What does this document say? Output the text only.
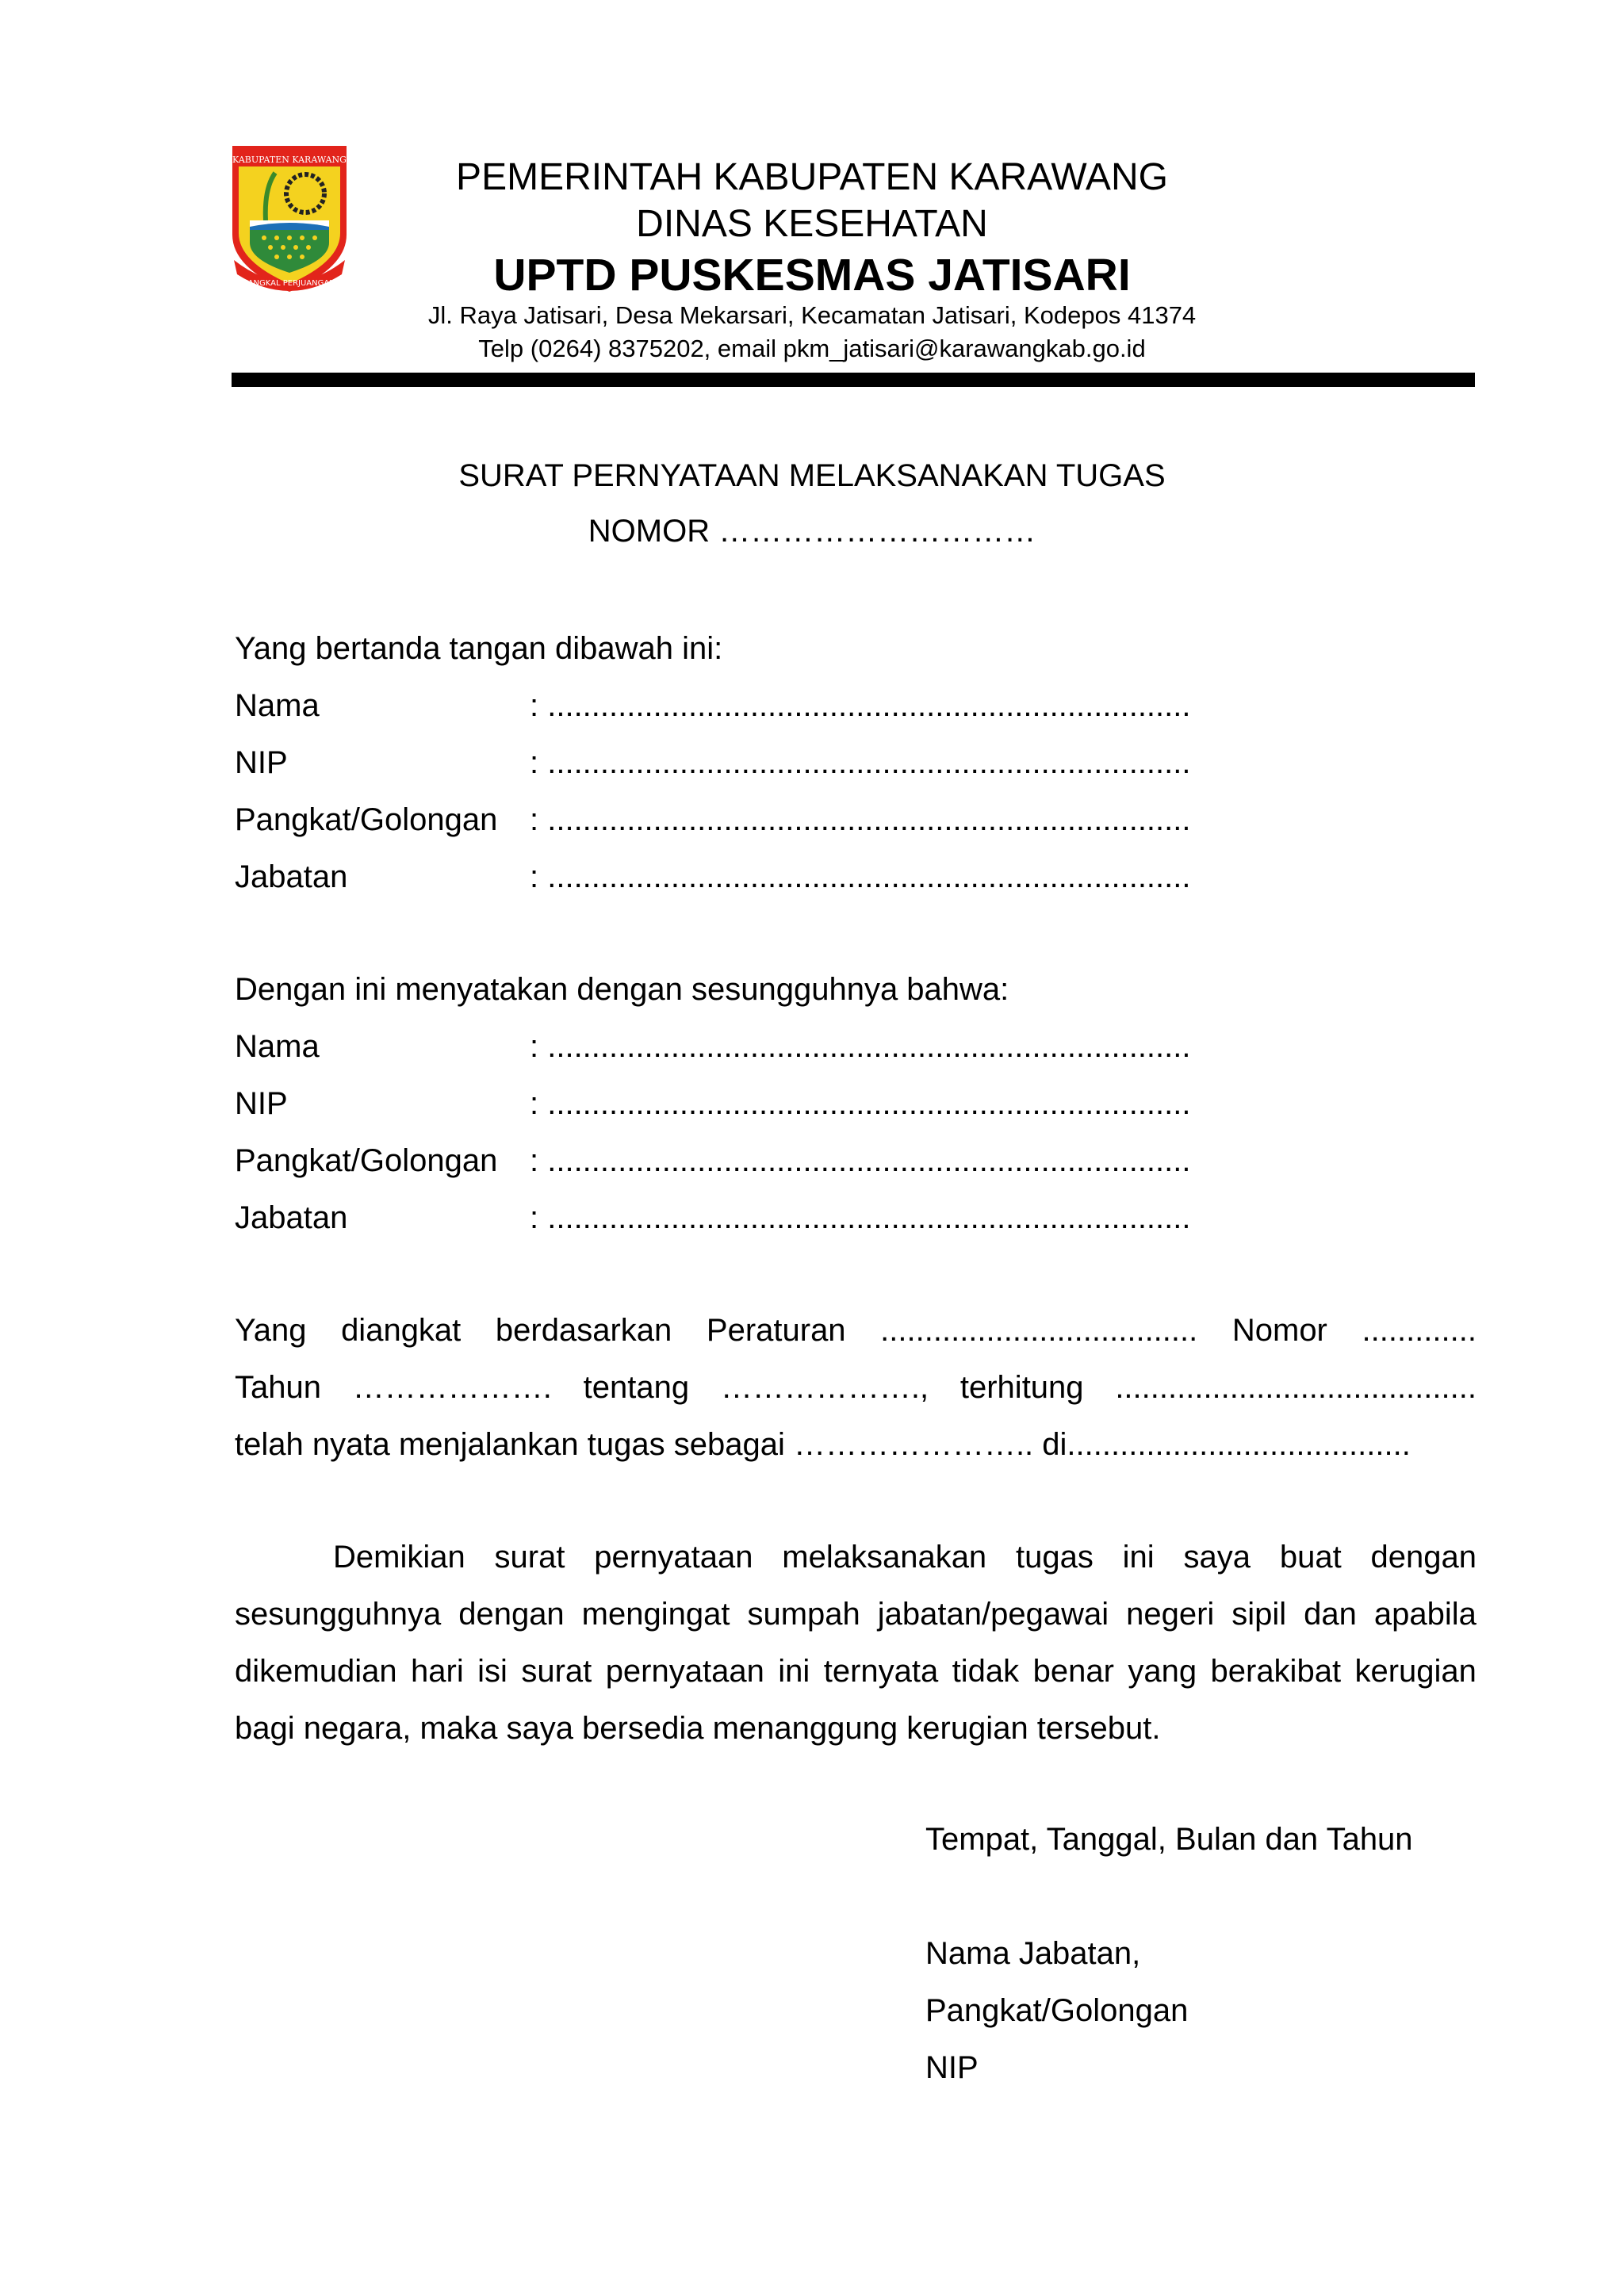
KABUPATEN KARAWANG
PANGKAL PERJUANGAN
PEMERINTAH KABUPATEN KARAWANG
DINAS KESEHATAN
UPTD PUSKESMAS JATISARI
Jl. Raya Jatisari, Desa Mekarsari, Kecamatan Jatisari, Kodepos 41374
Telp (0264) 8375202, email pkm_jatisari@karawangkab.go.id
SURAT PERNYATAAN MELAKSANAKAN TUGAS
NOMOR …………………………
Yang bertanda tangan dibawah ini:
Nama	: .........................................................................
NIP	: .........................................................................
Pangkat/Golongan : .........................................................................
Jabatan	: .........................................................................
Dengan ini menyatakan dengan sesungguhnya bahwa:
Nama	: .........................................................................
NIP	: .........................................................................
Pangkat/Golongan : .........................................................................
Jabatan	: .........................................................................
Yang diangkat berdasarkan Peraturan .................................... Nomor .............
Tahun ………………. tentang ………………., terhitung .........................................
telah nyata menjalankan tugas sebagai ………………….. di.......................................
Demikian surat pernyataan melaksanakan tugas ini saya buat dengan
sesungguhnya dengan mengingat sumpah jabatan/pegawai negeri sipil dan apabila
dikemudian hari isi surat pernyataan ini ternyata tidak benar yang berakibat kerugian
bagi negara, maka saya bersedia menanggung kerugian tersebut.
Tempat, Tanggal, Bulan dan Tahun
Nama Jabatan,
Pangkat/Golongan
NIP
